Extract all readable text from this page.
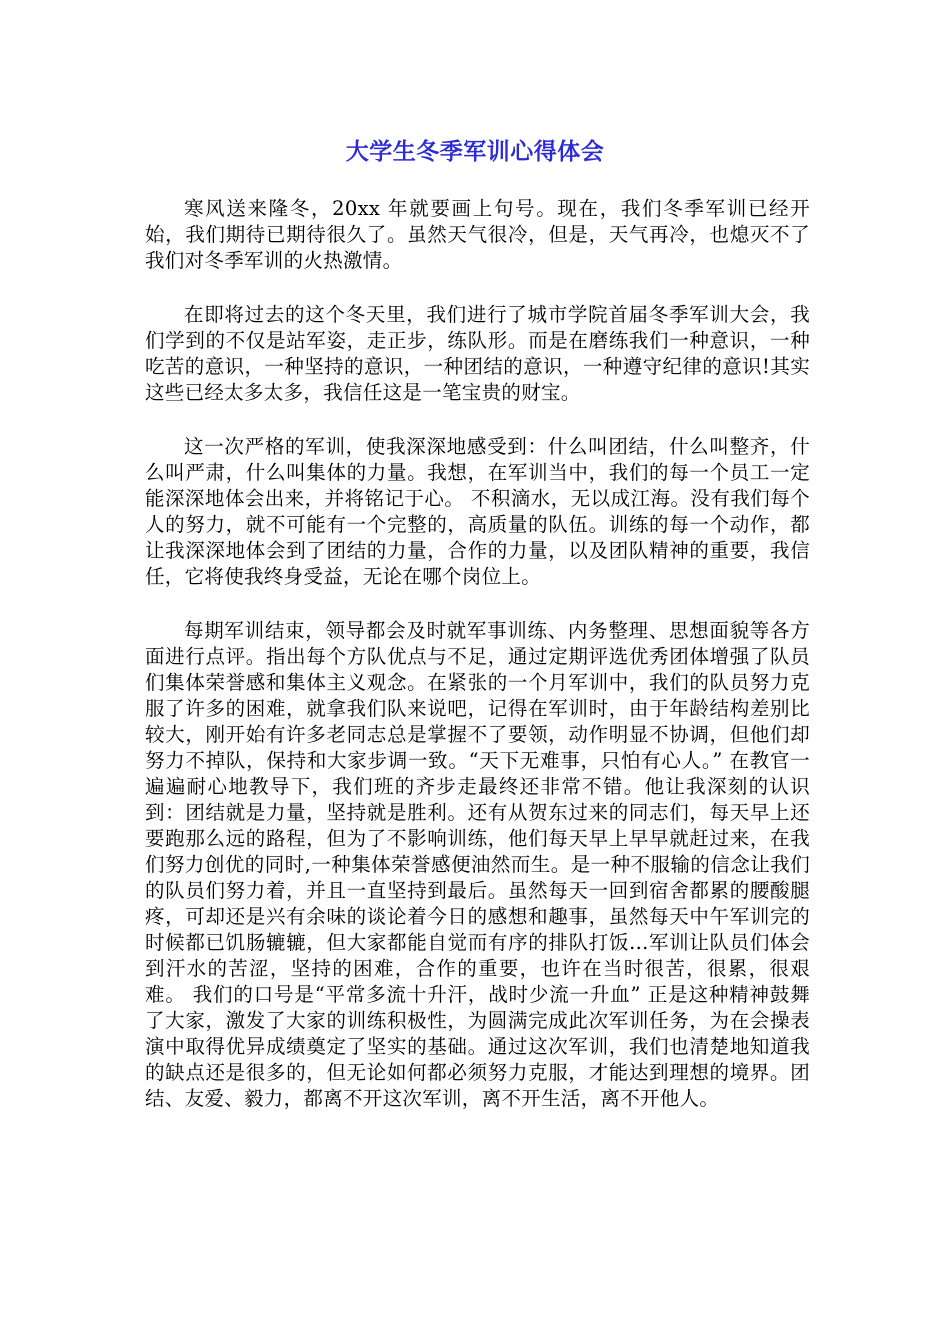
大学生冬季军训心得体会

寒风送来隆冬，20xx 年就要画上句号。现在，我们冬季军训已经开始，我们期待已期待很久了。虽然天气很冷，但是，天气再冷，也熄灭不了我们对冬季军训的火热激情。

在即将过去的这个冬天里，我们进行了城市学院首届冬季军训大会，我们学到的不仅是站军姿，走正步，练队形。而是在磨练我们一种意识，一种吃苦的意识，一种坚持的意识，一种团结的意识，一种遵守纪律的意识!其实这些已经太多太多，我信任这是一笔宝贵的财宝。

这一次严格的军训，使我深深地感受到：什么叫团结，什么叫整齐，什么叫严肃，什么叫集体的力量。我想，在军训当中，我们的每一个员工一定能深深地体会出来，并将铭记于心。 不积滴水，无以成江海。没有我们每个人的努力，就不可能有一个完整的，高质量的队伍。训练的每一个动作，都让我深深地体会到了团结的力量，合作的力量，以及团队精神的重要，我信任，它将使我终身受益，无论在哪个岗位上。

每期军训结束，领导都会及时就军事训练、内务整理、思想面貌等各方面进行点评。指出每个方队优点与不足，通过定期评选优秀团体增强了队员们集体荣誉感和集体主义观念。在紧张的一个月军训中，我们的队员努力克服了许多的困难，就拿我们队来说吧，记得在军训时，由于年龄结构差别比较大，刚开始有许多老同志总是掌握不了要领，动作明显不协调，但他们却努力不掉队，保持和大家步调一致。“天下无难事，只怕有心人。” 在教官一遍遍耐心地教导下，我们班的齐步走最终还非常不错。他让我深刻的认识到：团结就是力量，坚持就是胜利。还有从贺东过来的同志们，每天早上还要跑那么远的路程，但为了不影响训练，他们每天早上早早就赶过来，在我们努力创优的同时,一种集体荣誉感便油然而生。是一种不服输的信念让我们的队员们努力着，并且一直坚持到最后。虽然每天一回到宿舍都累的腰酸腿疼，可却还是兴有余味的谈论着今日的感想和趣事，虽然每天中午军训完的时候都已饥肠辘辘，但大家都能自觉而有序的排队打饭...军训让队员们体会到汗水的苦涩，坚持的困难，合作的重要，也许在当时很苦，很累，很艰难。 我们的口号是“平常多流十升汗，战时少流一升血” 正是这种精神鼓舞了大家，激发了大家的训练积极性，为圆满完成此次军训任务，为在会操表演中取得优异成绩奠定了坚实的基础。通过这次军训，我们也清楚地知道我的缺点还是很多的，但无论如何都必须努力克服，才能达到理想的境界。团结、友爱、毅力，都离不开这次军训，离不开生活，离不开他人。
